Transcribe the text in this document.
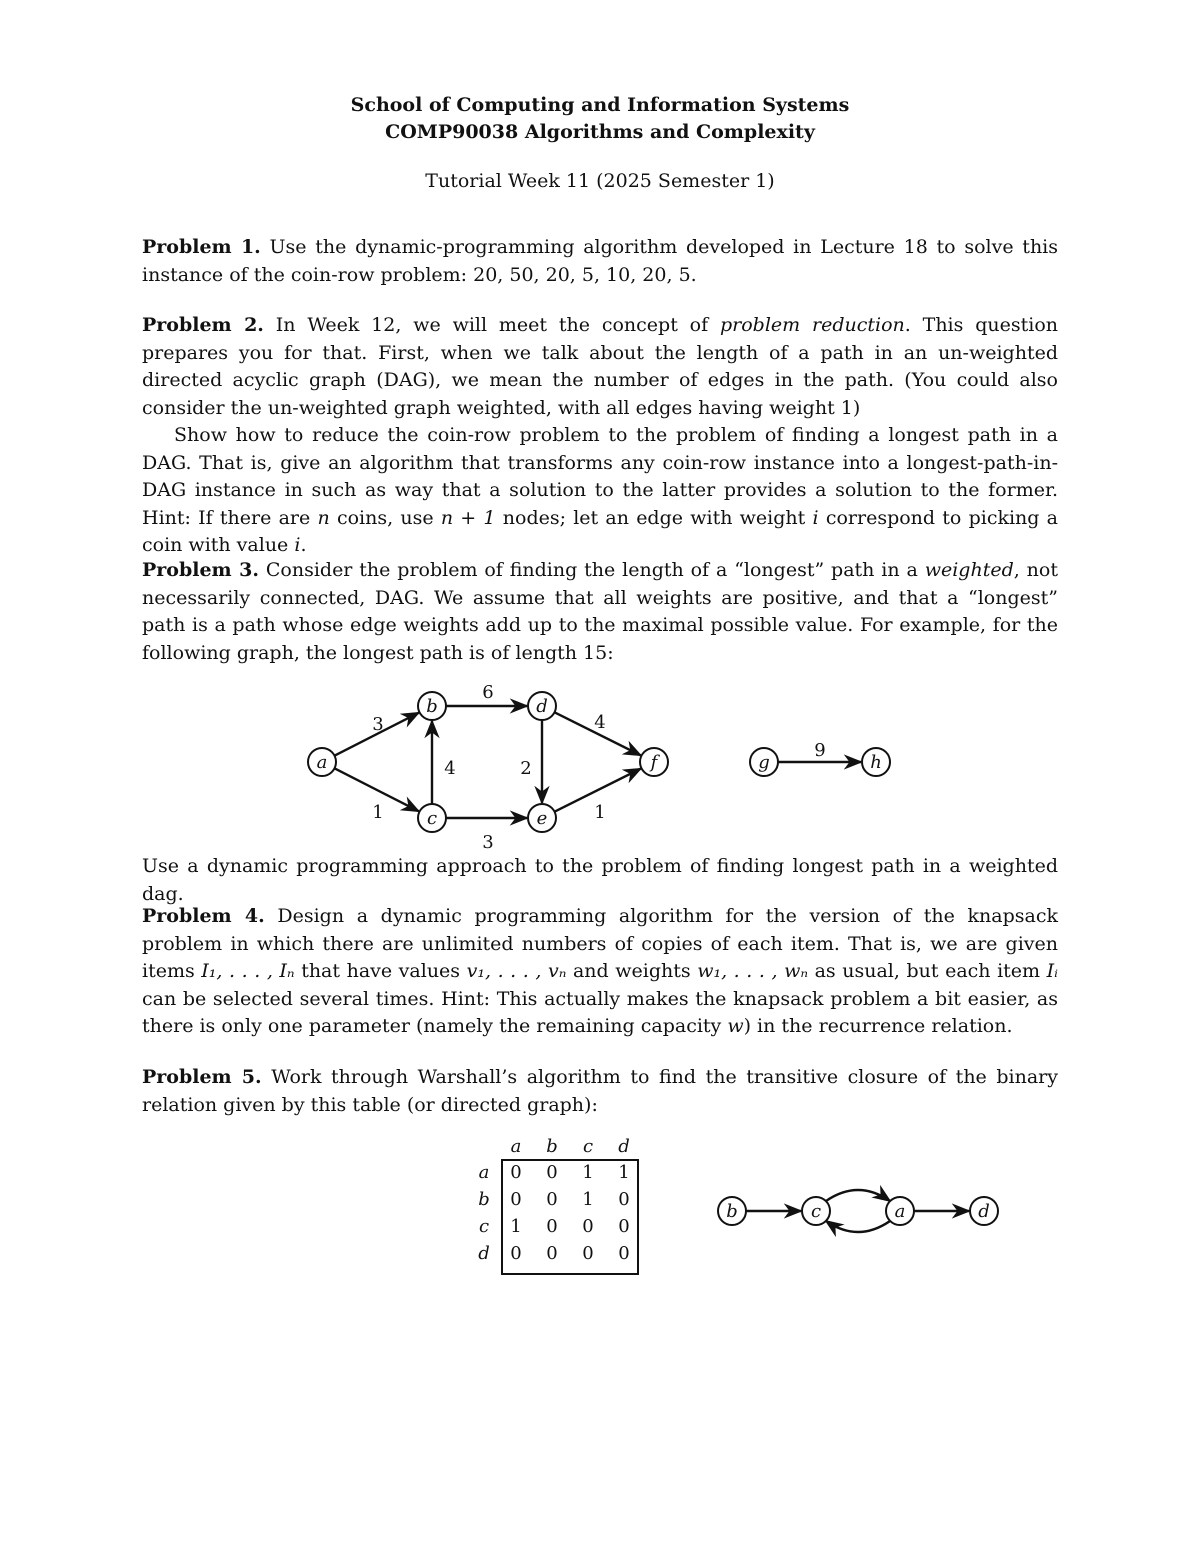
School of Computing and Information Systems
COMP90038 Algorithms and Complexity
Tutorial Week 11 (2025 Semester 1)

Problem 1. Use the dynamic-programming algorithm developed in Lecture 18 to solve this instance of the coin-row problem: 20, 50, 20, 5, 10, 20, 5.

Problem 2. In Week 12, we will meet the concept of problem reduction. This question prepares you for that. First, when we talk about the length of a path in an un-weighted directed acyclic graph (DAG), we mean the number of edges in the path. (You could also consider the un-weighted graph weighted, with all edges having weight 1)

Show how to reduce the coin-row problem to the problem of finding a longest path in a DAG. That is, give an algorithm that transforms any coin-row instance into a longest-path-in-DAG instance in such as way that a solution to the latter provides a solution to the former. Hint: If there are n coins, use n + 1 nodes; let an edge with weight i correspond to picking a coin with value i.

Problem 3. Consider the problem of finding the length of a “longest” path in a weighted, not necessarily connected, DAG. We assume that all weights are positive, and that a “longest” path is a path whose edge weights add up to the maximal possible value. For example, for the following graph, the longest path is of length 15:

a
b
c
d
e
f	g	h
3
1
4
6
2
3
4
1
9

Use a dynamic programming approach to the problem of finding longest path in a weighted dag.

Problem 4. Design a dynamic programming algorithm for the version of the knapsack problem in which there are unlimited numbers of copies of each item. That is, we are given items I₁, . . . , Iₙ that have values v₁, . . . , vₙ and weights w₁, . . . , wₙ as usual, but each item Iᵢ can be selected several times. Hint: This actually makes the knapsack problem a bit easier, as there is only one parameter (namely the remaining capacity w) in the recurrence relation.

Problem 5. Work through Warshall’s algorithm to find the transitive closure of the binary relation given by this table (or directed graph):

a b c d
a 0 0 1 1
b 0 0 1 0
c 1 0 0 0
d 0 0 0 0
b	c	a	d
